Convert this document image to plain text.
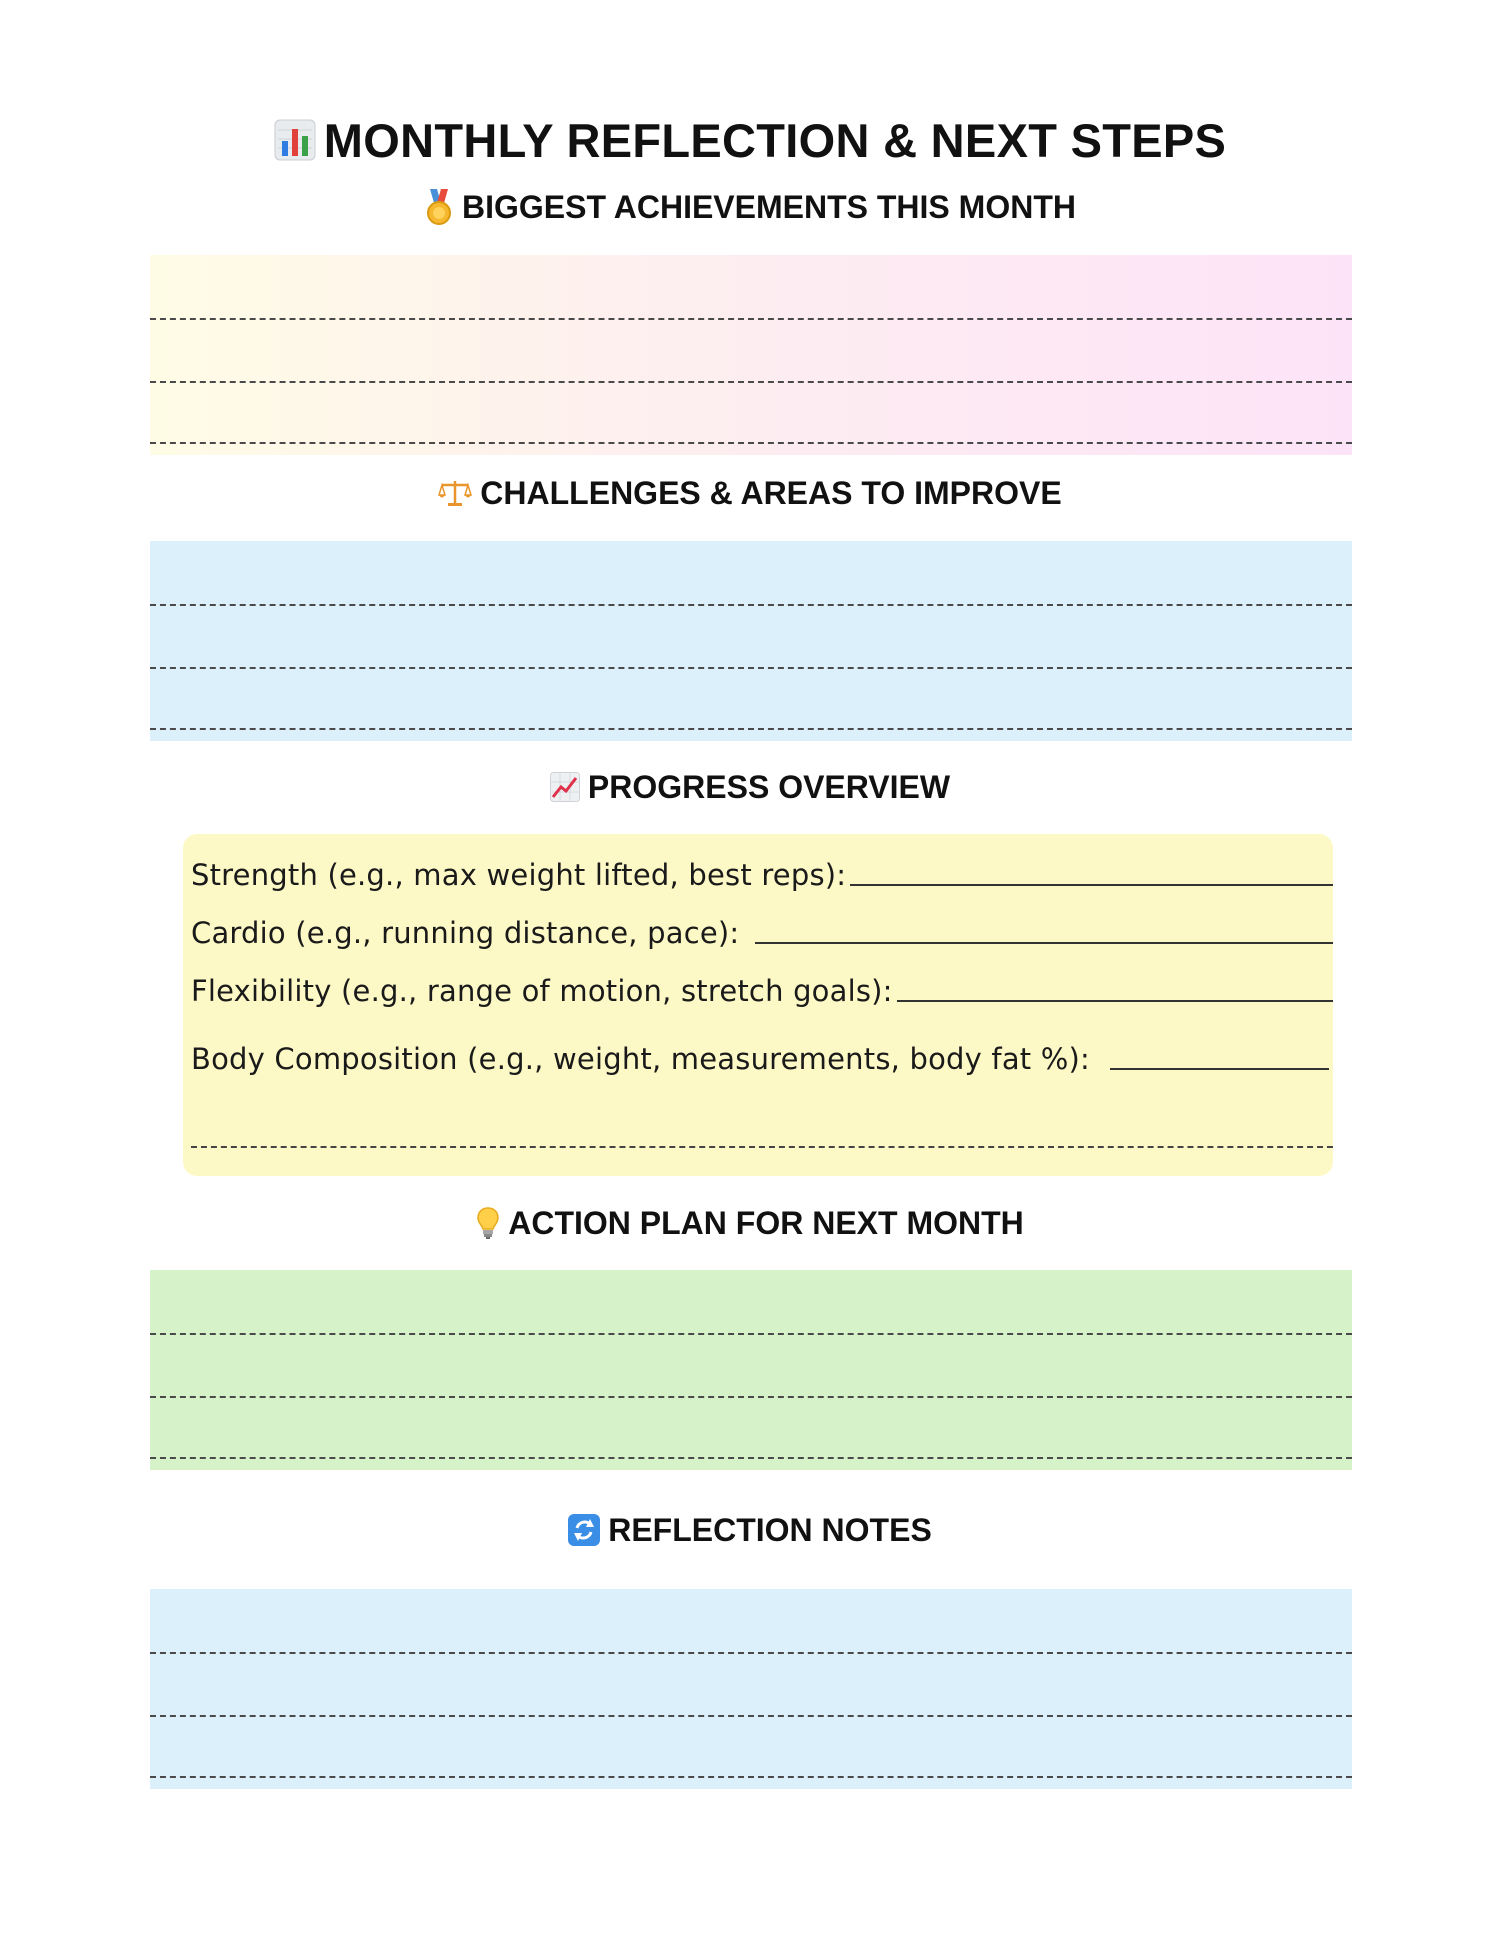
MONTHLY REFLECTION & NEXT STEPS
BIGGEST ACHIEVEMENTS THIS MONTH
CHALLENGES & AREAS TO IMPROVE
PROGRESS OVERVIEW
Strength (e.g., max weight lifted, best reps):
Cardio (e.g., running distance, pace):
Flexibility (e.g., range of motion, stretch goals):
Body Composition (e.g., weight, measurements, body fat %):
ACTION PLAN FOR NEXT MONTH
REFLECTION NOTES
